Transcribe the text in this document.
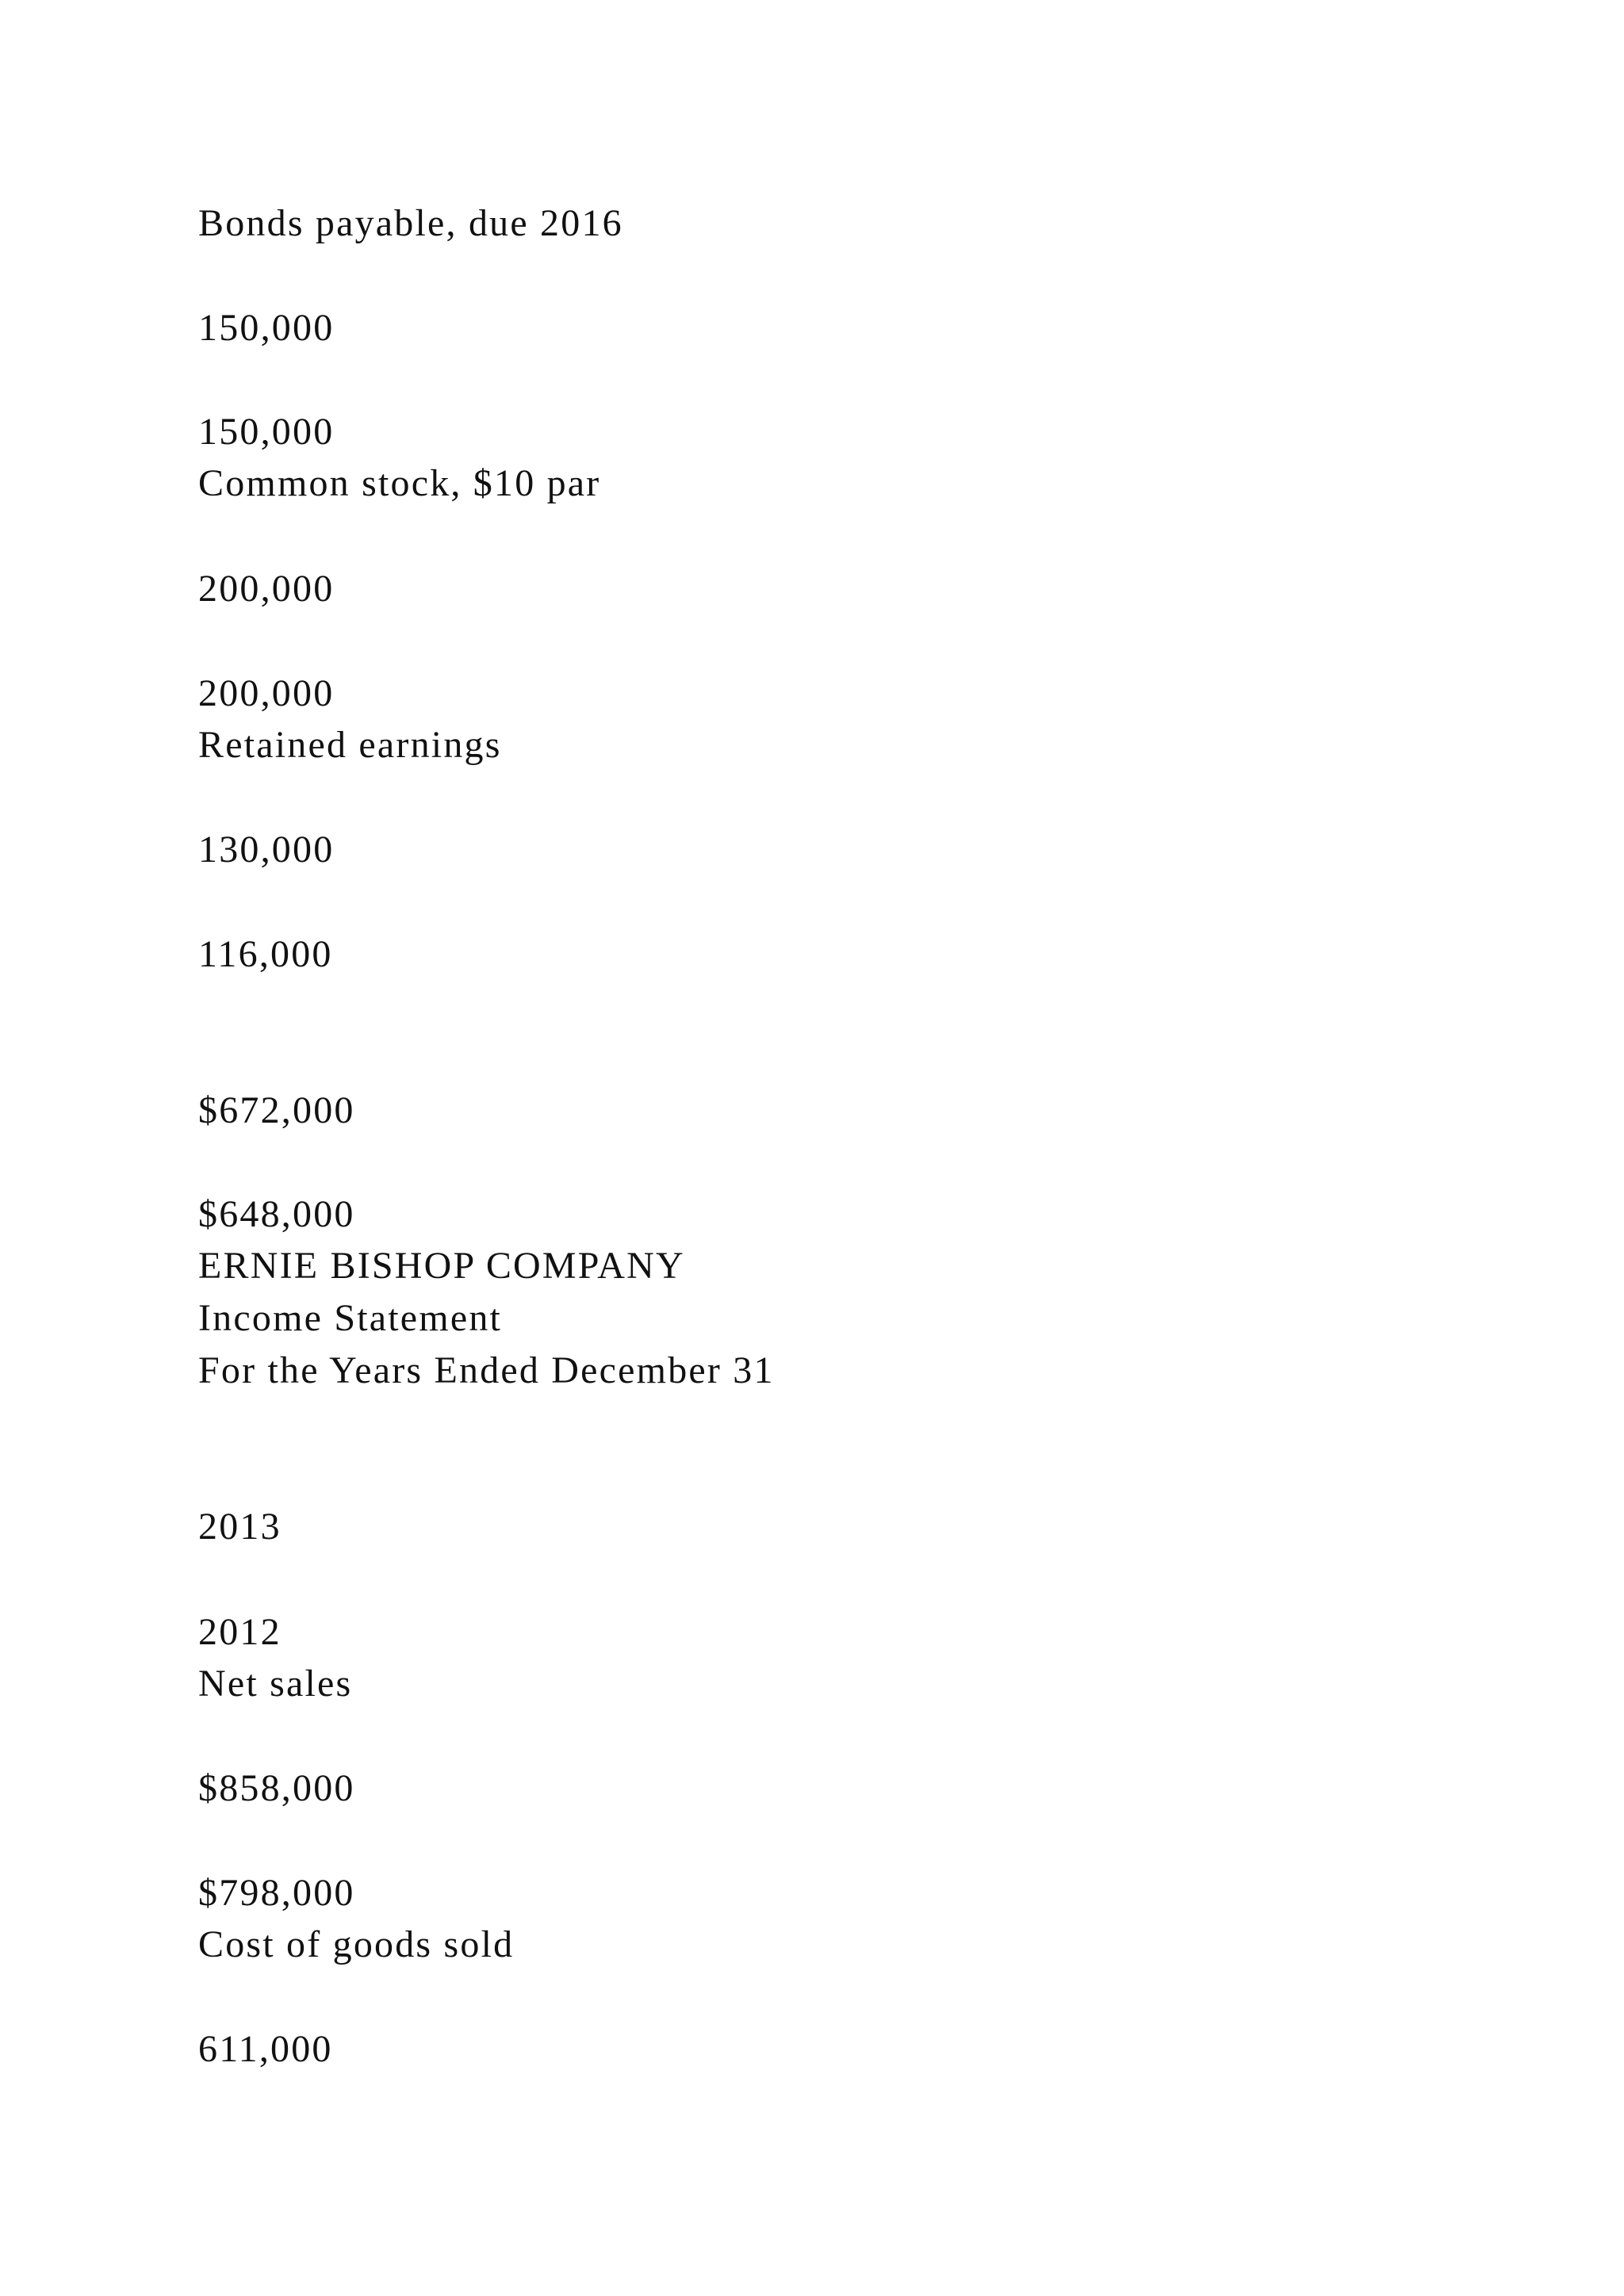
Bonds payable, due 2016
150,000
150,000
Common stock, $10 par
200,000
200,000
Retained earnings
130,000
116,000
$672,000
$648,000
ERNIE BISHOP COMPANY
Income Statement
For the Years Ended December 31
2013
2012
Net sales
$858,000
$798,000
Cost of goods sold
611,000
